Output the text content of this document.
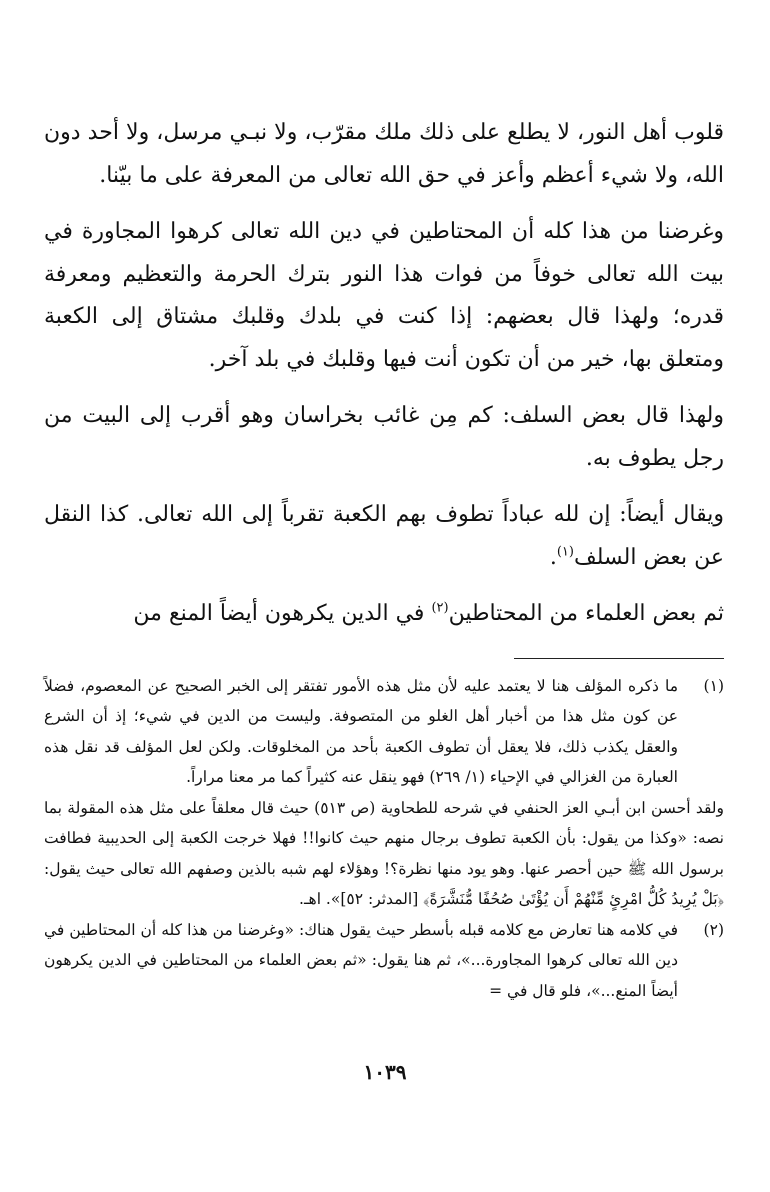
قلوب أهل النور، لا يطلع على ذلك ملك مقرّب، ولا نبـي مرسل، ولا أحد دون الله، ولا شيء أعظم وأعز في حق الله تعالى من المعرفة على ما بيّنا.

وغرضنا من هذا كله أن المحتاطين في دين الله تعالى كرهوا المجاورة في بيت الله تعالى خوفاً من فوات هذا النور بترك الحرمة والتعظيم ومعرفة قدره؛ ولهذا قال بعضهم: إذا كنت في بلدك وقلبك مشتاق إلى الكعبة ومتعلق بها، خير من أن تكون أنت فيها وقلبك في بلد آخر.

ولهذا قال بعض السلف: كم مِن غائب بخراسان وهو أقرب إلى البيت من رجل يطوف به.

ويقال أيضاً: إن لله عباداً تطوف بهم الكعبة تقرباً إلى الله تعالى. كذا النقل عن بعض السلف$^{(١)}$.

ثم بعض العلماء من المحتاطين$^{(٢)}$ في الدين يكرهون أيضاً المنع من

(١)

ما ذكره المؤلف هنا لا يعتمد عليه لأن مثل هذه الأمور تفتقر إلى الخبر الصحيح عن المعصوم، فضلاً عن كون مثل هذا من أخبار أهل الغلو من المتصوفة. وليست من الدين في شيء؛ إذ أن الشرع والعقل يكذب ذلك، فلا يعقل أن تطوف الكعبة بأحد من المخلوقات. ولكن لعل المؤلف قد نقل هذه العبارة من الغزالي في الإحياء (١/ ٢٦٩) فهو ينقل عنه كثيراً كما مر معنا مراراً.

ولقد أحسن ابن أبـي العز الحنفي في شرحه للطحاوية (ص ٥١٣) حيث قال معلقاً على مثل هذه المقولة بما نصه: «وكذا من يقول: بأن الكعبة تطوف برجال منهم حيث كانوا!! فهلا خرجت الكعبة إلى الحديبية فطافت برسول الله ﷺ حين أحصر عنها. وهو يود منها نظرة؟! وهؤلاء لهم شبه بالذين وصفهم الله تعالى حيث يقول: ﴿بَلْ يُرِيدُ كُلُّ امْرِئٍ مِّنْهُمْ أَن يُؤْتَىٰ صُحُفًا مُّنَشَّرَةً﴾ [المدثر: ٥٢]». اهـ.

(٢)

في كلامه هنا تعارض مع كلامه قبله بأسطر حيث يقول هناك: «وغرضنا من هذا كله أن المحتاطين في دين الله تعالى كرهوا المجاورة...»، ثم هنا يقول: «ثم بعض العلماء من المحتاطين في الدين يكرهون أيضاً المنع...»، فلو قال في =

١٠٣٩
